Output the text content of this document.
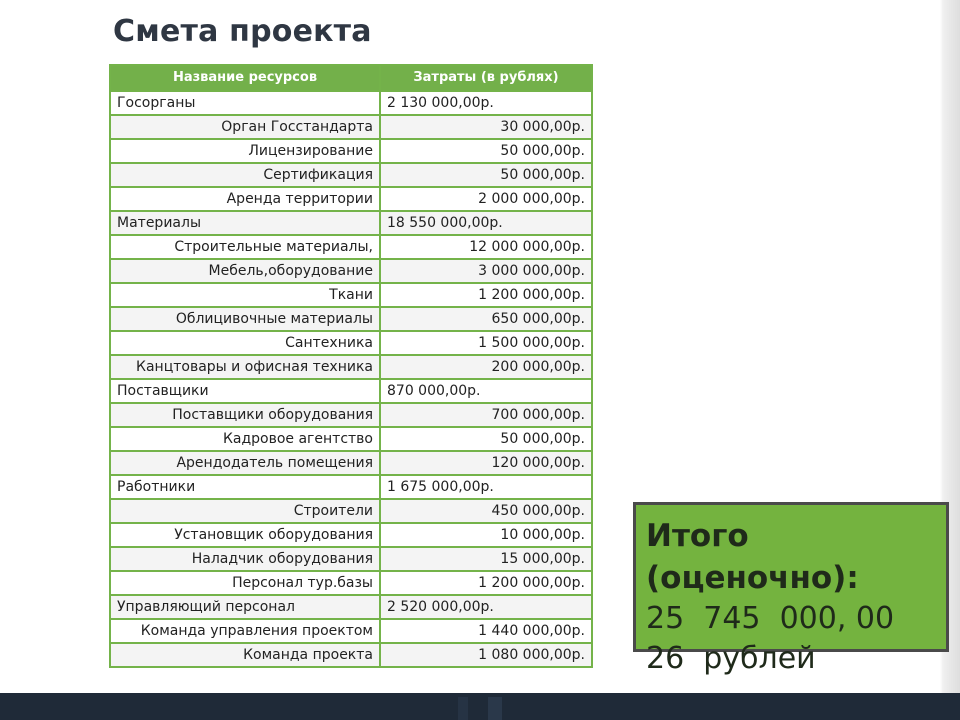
Смета проекта
Название ресурсов	Затраты (в рублях)
Госорганы	2 130 000,00р.
Орган Госстандарта	30 000,00р.
Лицензирование	50 000,00р.
Сертификация	50 000,00р.
Аренда территории	2 000 000,00р.
Материалы	18 550 000,00р.
Строительные материалы,	12 000 000,00р.
Мебель,оборудование	3 000 000,00р.
Ткани	1 200 000,00р.
Облицивочные материалы	650 000,00р.
Сантехника	1 500 000,00р.
Канцтовары и офисная техника	200 000,00р.
Поставщики	870 000,00р.
Поставщики оборудования	700 000,00р.
Кадровое агентство	50 000,00р.
Арендодатель помещения	120 000,00р.
Работники	1 675 000,00р.
Строители	450 000,00р.
Установщик оборудования	10 000,00р.
Наладчик оборудования	15 000,00р.
Персонал тур.базы	1 200 000,00р.
Управляющий персонал	2 520 000,00р.
Команда управления проектом	1 440 000,00р.
Команда проекта	1 080 000,00р.

Итого (оценочно):

25  745  000, 00

26  рублей
